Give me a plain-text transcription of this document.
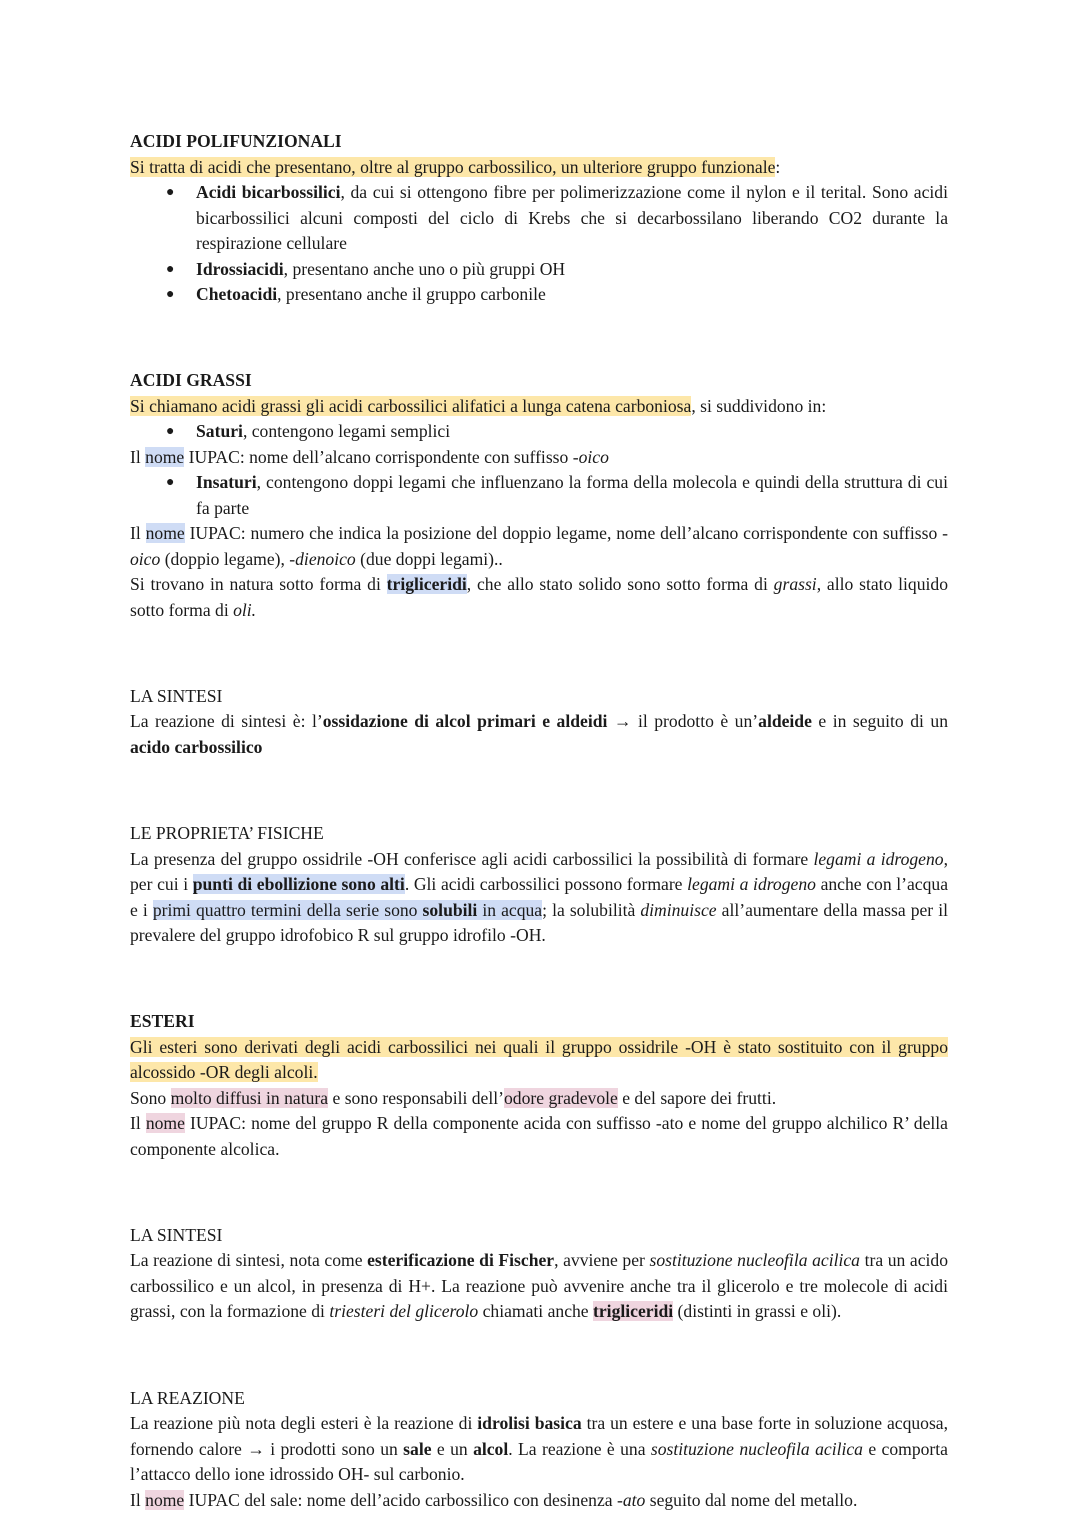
ACIDI POLIFUNZIONALI

Si tratta di acidi che presentano, oltre al gruppo carbossilico, un ulteriore gruppo funzionale:

● Acidi bicarbossilici, da cui si ottengono fibre per polimerizzazione come il nylon e il terital. Sono acidi bicarbossilici alcuni composti del ciclo di Krebs che si decarbossilano liberando CO2 durante la respirazione cellulare

● Idrossiacidi, presentano anche uno o più gruppi OH

● Chetoacidi, presentano anche il gruppo carbonile

ACIDI GRASSI

Si chiamano acidi grassi gli acidi carbossilici alifatici a lunga catena carboniosa, si suddividono in:

● Saturi, contengono legami semplici

Il nome IUPAC: nome dell’alcano corrispondente con suffisso -oico

● Insaturi, contengono doppi legami che influenzano la forma della molecola e quindi della struttura di cui fa parte

Il nome IUPAC: numero che indica la posizione del doppio legame, nome dell’alcano corrispondente con suffisso -oico (doppio legame), -dienoico (due doppi legami)..

Si trovano in natura sotto forma di trigliceridi, che allo stato solido sono sotto forma di grassi, allo stato liquido sotto forma di oli.

LA SINTESI

La reazione di sintesi è: l’ossidazione di alcol primari e aldeidi → il prodotto è un’aldeide e in seguito di un acido carbossilico

LE PROPRIETA’ FISICHE

La presenza del gruppo ossidrile -OH conferisce agli acidi carbossilici la possibilità di formare legami a idrogeno, per cui i punti di ebollizione sono alti. Gli acidi carbossilici possono formare legami a idrogeno anche con l’acqua e i primi quattro termini della serie sono solubili in acqua; la solubilità diminuisce all’aumentare della massa per il prevalere del gruppo idrofobico R sul gruppo idrofilo -OH.

ESTERI

Gli esteri sono derivati degli acidi carbossilici nei quali il gruppo ossidrile -OH è stato sostituito con il gruppo alcossido -OR degli alcoli.

Sono molto diffusi in natura e sono responsabili dell’odore gradevole e del sapore dei frutti.

Il nome IUPAC: nome del gruppo R della componente acida con suffisso -ato e nome del gruppo alchilico R’ della componente alcolica.

LA SINTESI

La reazione di sintesi, nota come esterificazione di Fischer, avviene per sostituzione nucleofila acilica tra un acido carbossilico e un alcol, in presenza di H+. La reazione può avvenire anche tra il glicerolo e tre molecole di acidi grassi, con la formazione di triesteri del glicerolo chiamati anche trigliceridi (distinti in grassi e oli).

LA REAZIONE

La reazione più nota degli esteri è la reazione di idrolisi basica tra un estere e una base forte in soluzione acquosa, fornendo calore → i prodotti sono un sale e un alcol. La reazione è una sostituzione nucleofila acilica e comporta l’attacco dello ione idrossido OH- sul carbonio.

Il nome IUPAC del sale: nome dell’acido carbossilico con desinenza -ato seguito dal nome del metallo.
